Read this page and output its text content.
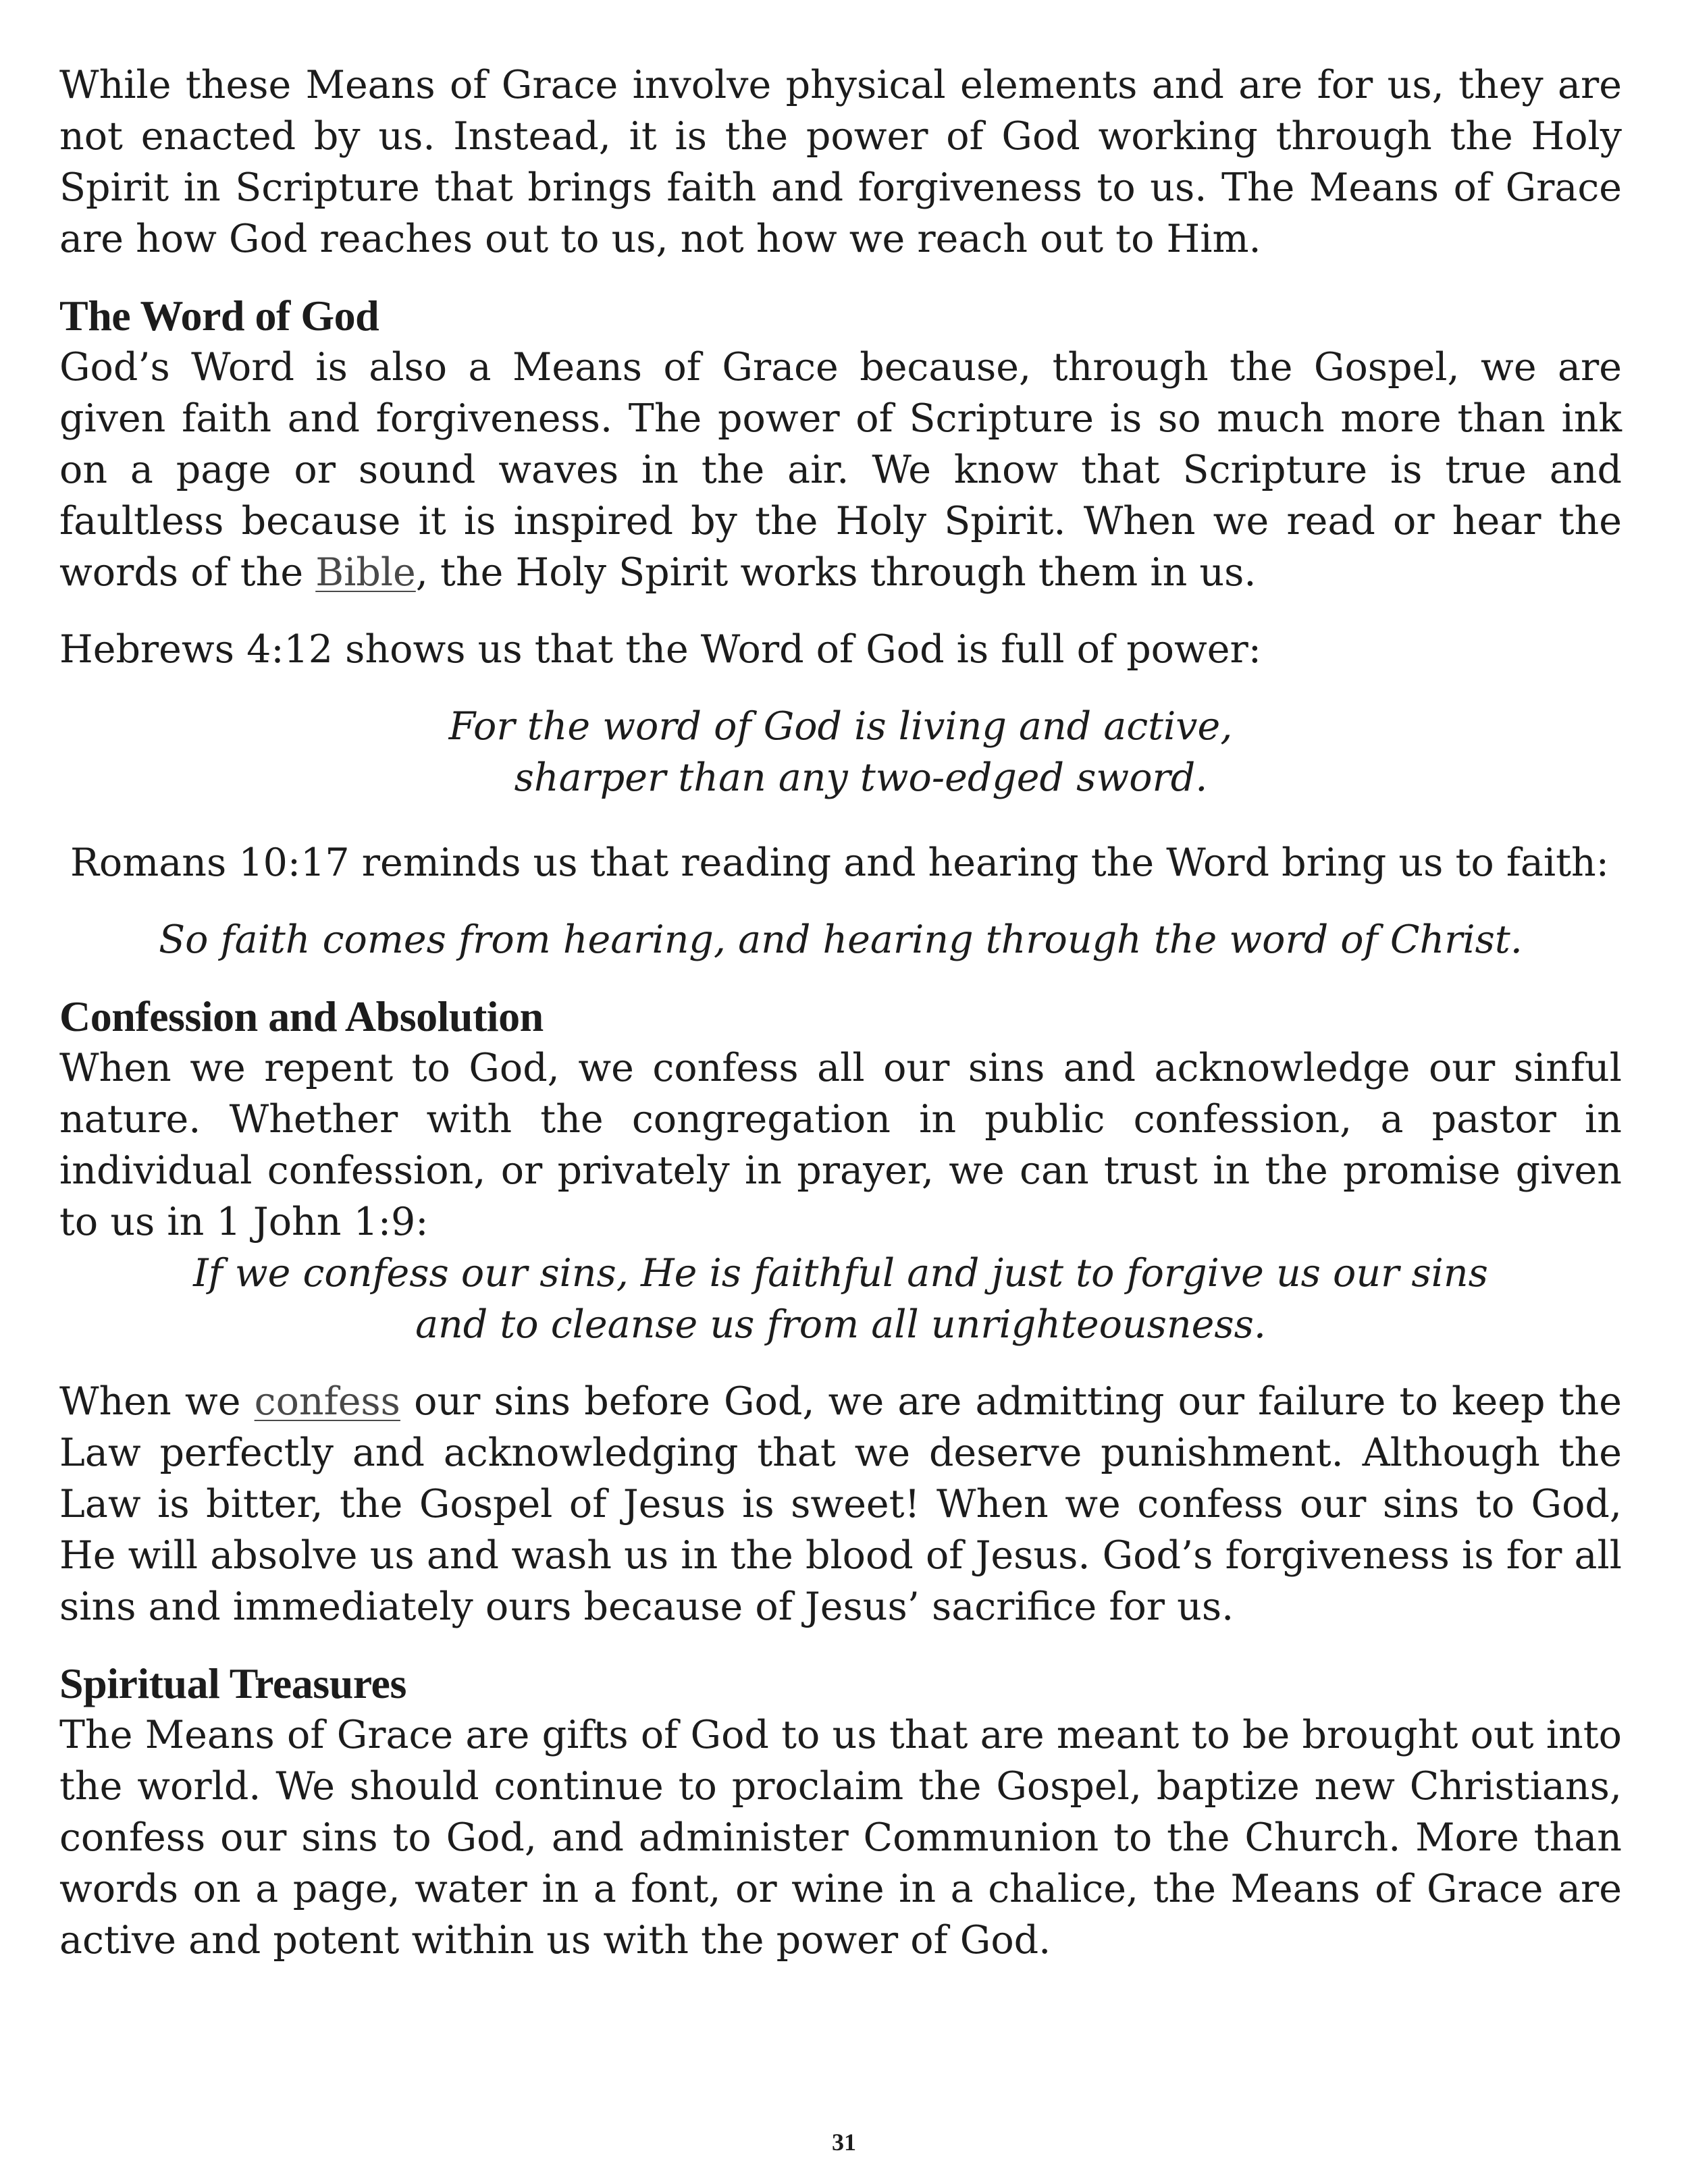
While these Means of Grace involve physical elements and are for us, they are not enacted by us. Instead, it is the power of God working through the Holy Spirit in Scripture that brings faith and forgiveness to us. The Means of Grace are how God reaches out to us, not how we reach out to Him.

The Word of God

God’s Word is also a Means of Grace because, through the Gospel, we are given faith and forgiveness. The power of Scripture is so much more than ink on a page or sound waves in the air. We know that Scripture is true and faultless because it is inspired by the Holy Spirit. When we read or hear the words of the Bible, the Holy Spirit works through them in us.

Hebrews 4:12 shows us that the Word of God is full of power:

For the word of God is living and active,

sharper than any two-edged sword.

Romans 10:17 reminds us that reading and hearing the Word bring us to faith:

So faith comes from hearing, and hearing through the word of Christ.

Confession and Absolution

When we repent to God, we confess all our sins and acknowledge our sinful nature. Whether with the congregation in public confession, a pastor in individual confession, or privately in prayer, we can trust in the promise given to us in 1 John 1:9:

If we confess our sins, He is faithful and just to forgive us our sins

and to cleanse us from all unrighteousness.

When we confess our sins before God, we are admitting our failure to keep the Law perfectly and acknowledging that we deserve punishment. Although the Law is bitter, the Gospel of Jesus is sweet! When we confess our sins to God, He will absolve us and wash us in the blood of Jesus. God’s forgiveness is for all sins and immediately ours because of Jesus’ sacrifice for us.

Spiritual Treasures

The Means of Grace are gifts of God to us that are meant to be brought out into the world. We should continue to proclaim the Gospel, baptize new Christians, confess our sins to God, and administer Communion to the Church. More than words on a page, water in a font, or wine in a chalice, the Means of Grace are active and potent within us with the power of God.

31
